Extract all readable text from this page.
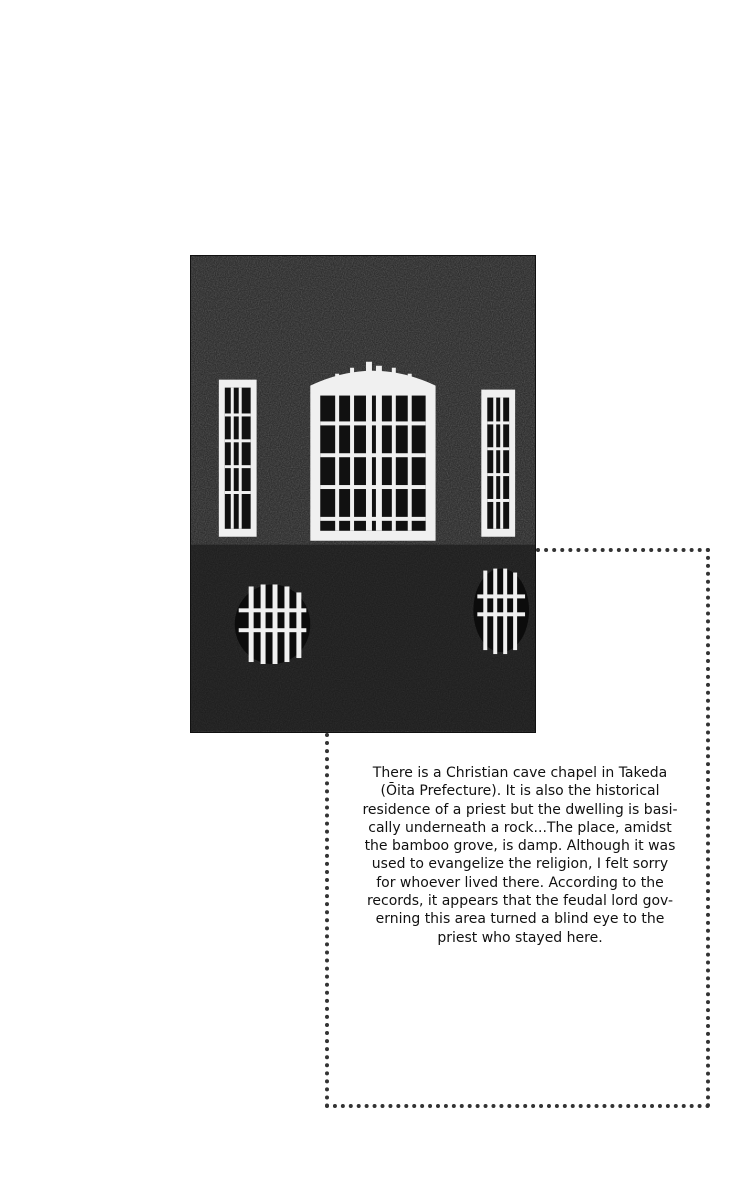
There is a Christian cave chapel in Takeda
(Ōita Prefecture). It is also the historical
residence of a priest but the dwelling is basi-
cally underneath a rock...The place, amidst
the bamboo grove, is damp. Although it was
used to evangelize the religion, I felt sorry
for whoever lived there. According to the
records, it appears that the feudal lord gov-
erning this area turned a blind eye to the
priest who stayed here.
